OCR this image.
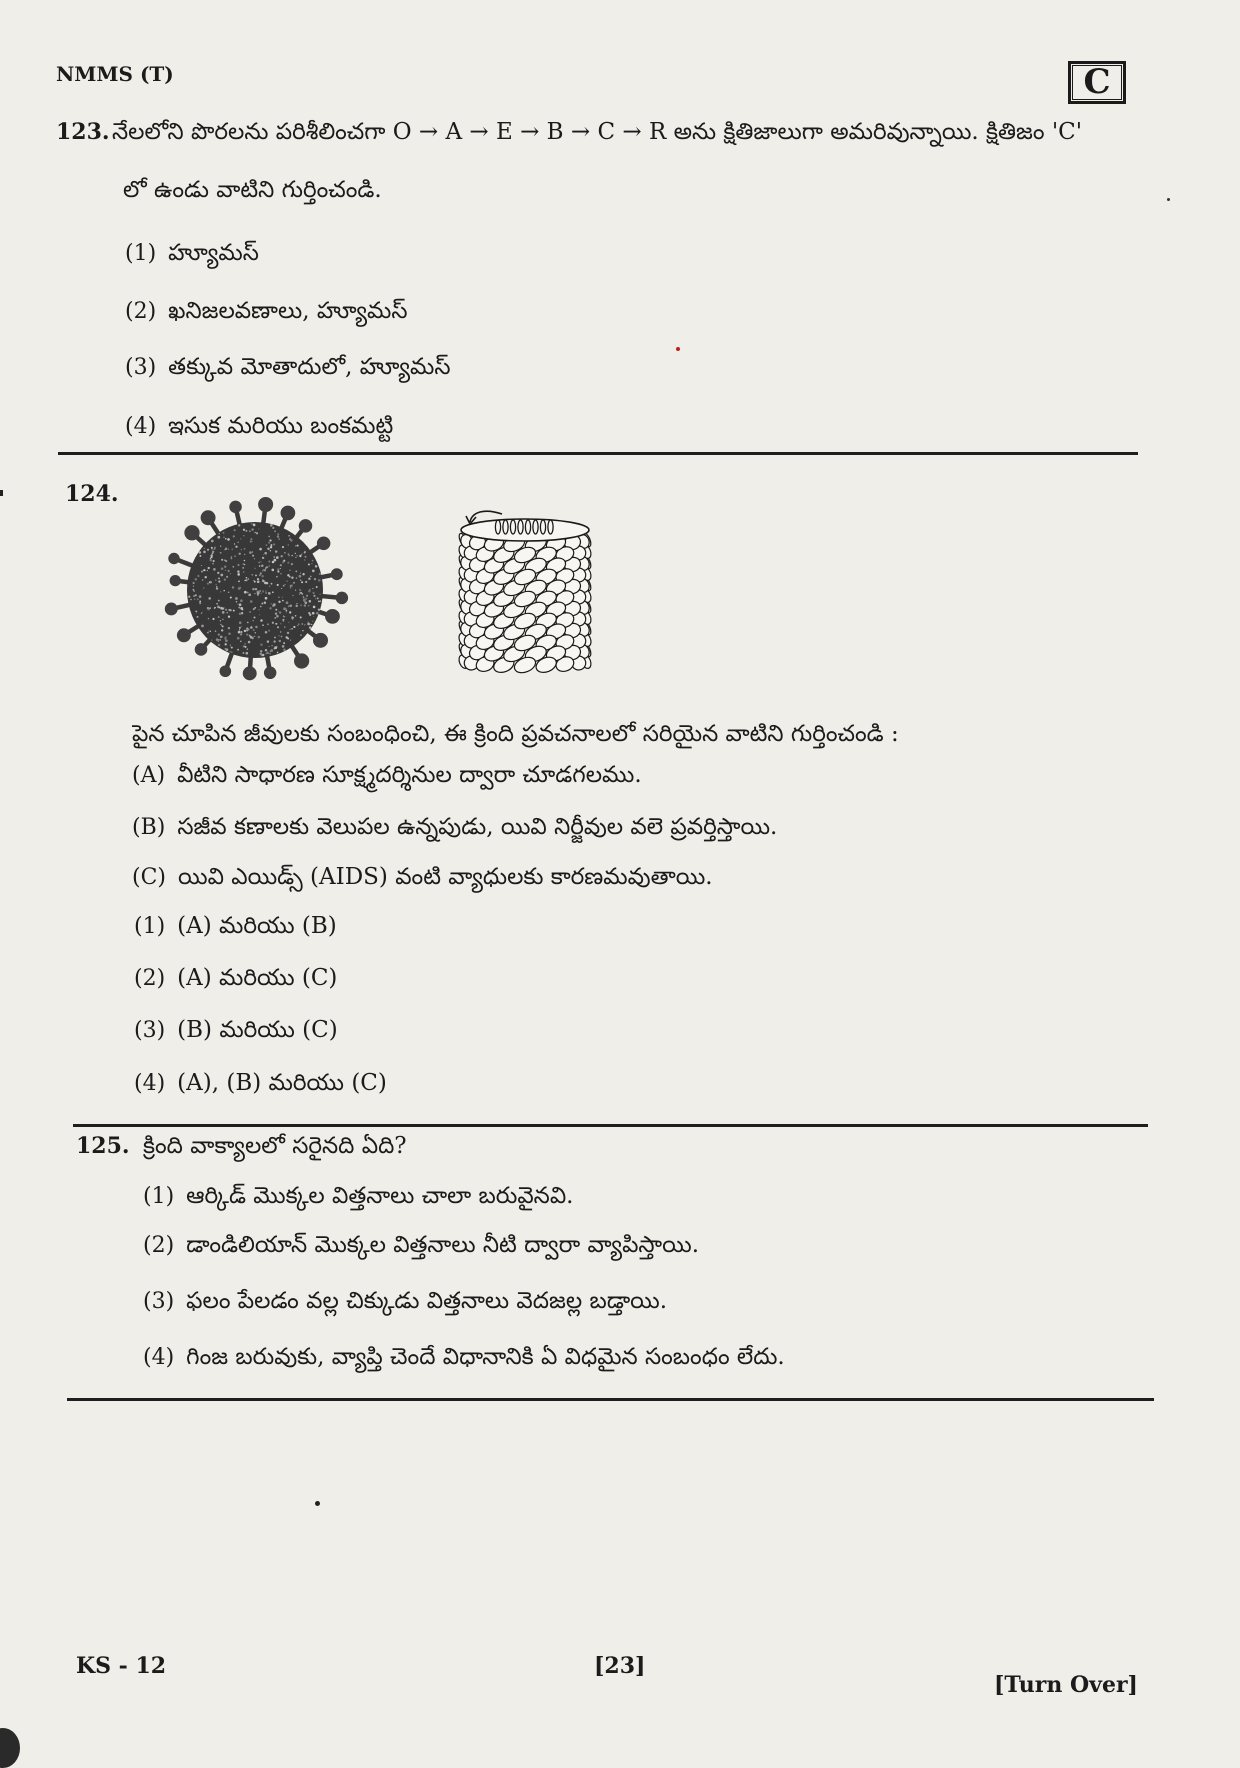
NMMS (T)	C
123. నేలలోని పొరలను పరిశీలించగా O → A → E → B → C → R అను క్షితిజాలుగా అమరివున్నాయి. క్షితిజం 'C'
లో ఉండు వాటిని గుర్తించండి.
(1) హ్యూమస్
(2) ఖనిజలవణాలు, హ్యూమస్
(3) తక్కువ మోతాదులో, హ్యూమస్
(4) ఇసుక మరియు బంకమట్టి
124.
పైన చూపిన జీవులకు సంబంధించి, ఈ క్రింది ప్రవచనాలలో సరియైన వాటిని గుర్తించండి :
(A) వీటిని సాధారణ సూక్ష్మదర్శినుల ద్వారా చూడగలము.
(B) సజీవ కణాలకు వెలుపల ఉన్నపుడు, యివి నిర్జీవుల వలె ప్రవర్తిస్తాయి.
(C) యివి ఎయిడ్స్ (AIDS) వంటి వ్యాధులకు కారణమవుతాయి.
(1) (A) మరియు (B)
(2) (A) మరియు (C)
(3) (B) మరియు (C)
(4) (A), (B) మరియు (C)
125. క్రింది వాక్యాలలో సరైనది ఏది?
(1) ఆర్కిడ్ మొక్కల విత్తనాలు చాలా బరువైనవి.
(2) డాండిలియాన్ మొక్కల విత్తనాలు నీటి ద్వారా వ్యాపిస్తాయి.
(3) ఫలం పేలడం వల్ల చిక్కుడు విత్తనాలు వెదజల్ల బడ్తాయి.
(4) గింజ బరువుకు, వ్యాప్తి చెందే విధానానికి ఏ విధమైన సంబంధం లేదు.
KS - 12	[23]
[Turn Over]
